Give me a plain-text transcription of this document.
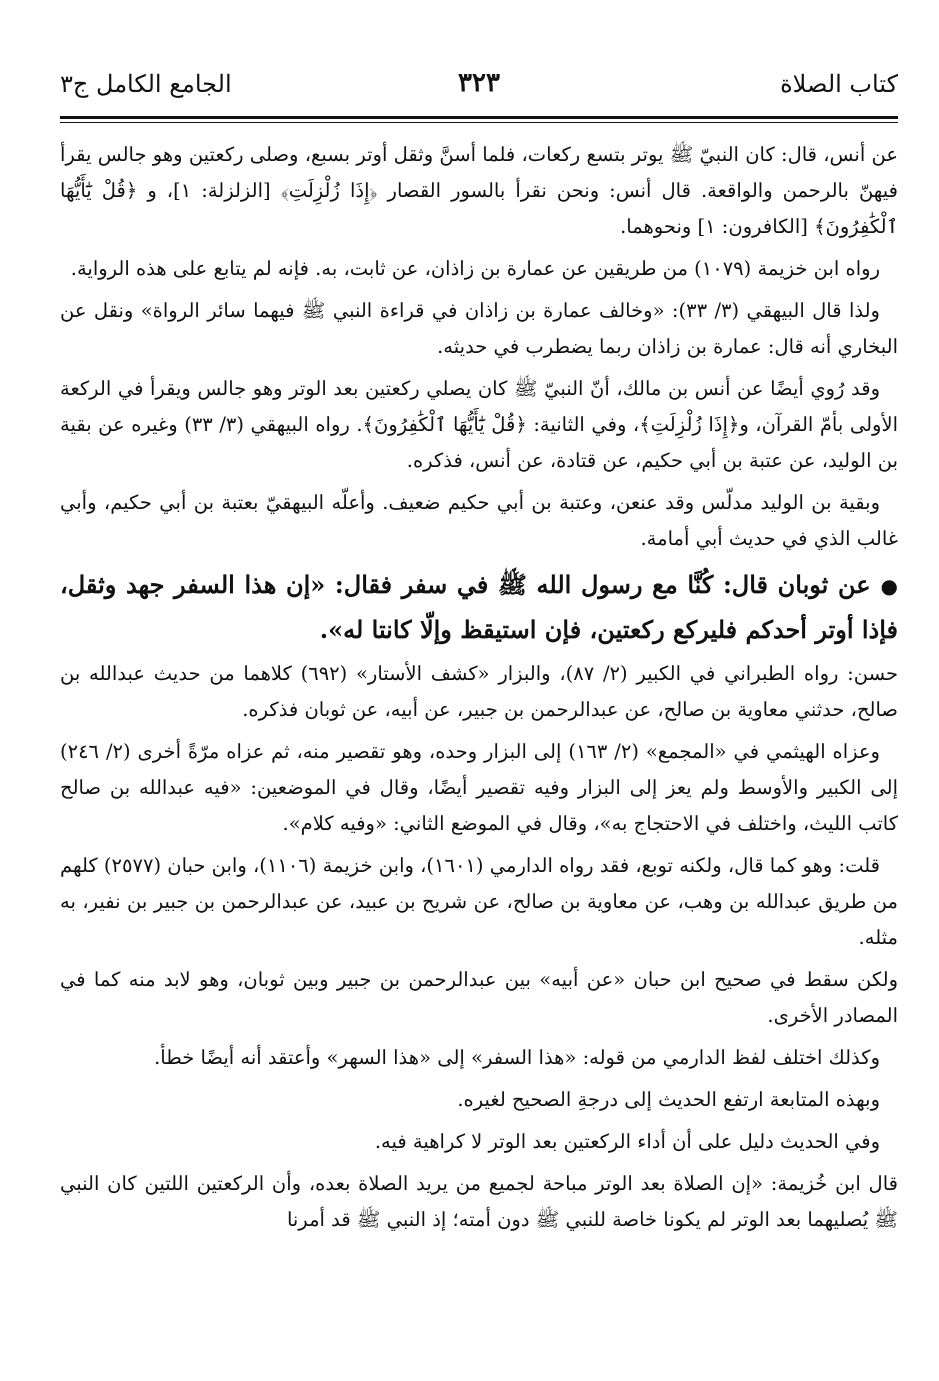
كتاب الصلاة
٣٢٣
الجامع الكامل ج٣

عن أنس، قال: كان النبيّ ﷺ يوتر بتسع ركعات، فلما أسنَّ وثقل أوتر بسبع، وصلى ركعتين وهو جالس يقرأ فيهنّ بالرحمن والواقعة. قال أنس: ونحن نقرأ بالسور القصار ﴿إِذَا زُلْزِلَتِ﴾ [الزلزلة: ١]، و ﴿قُلْ يَٰٓأَيُّهَا ٱلْكَٰفِرُونَ﴾ [الكافرون: ١] ونحوهما.

رواه ابن خزيمة (١٠٧٩) من طريقين عن عمارة بن زاذان، عن ثابت، به. فإنه لم يتابع على هذه الرواية.

ولذا قال البيهقي (٣/ ٣٣): «وخالف عمارة بن زاذان في قراءة النبي ﷺ فيهما سائر الرواة» ونقل عن البخاري أنه قال: عمارة بن زاذان ربما يضطرب في حديثه.

وقد رُوي أيضًا عن أنس بن مالك، أنّ النبيّ ﷺ كان يصلي ركعتين بعد الوتر وهو جالس ويقرأ في الركعة الأولى بأمّ القرآن، و﴿إِذَا زُلْزِلَتِ﴾، وفي الثانية: ﴿قُلْ يَٰٓأَيُّهَا ٱلْكَٰفِرُونَ﴾. رواه البيهقي (٣/ ٣٣) وغيره عن بقية بن الوليد، عن عتبة بن أبي حكيم، عن قتادة، عن أنس، فذكره.

وبقية بن الوليد مدلّس وقد عنعن، وعتبة بن أبي حكيم ضعيف. وأعلّه البيهقيّ بعتبة بن أبي حكيم، وأبي غالب الذي في حديث أبي أمامة.

●عن ثوبان قال: كُنَّا مع رسول الله ﷺ في سفر فقال: «إن هذا السفر جهد وثقل، فإذا أوتر أحدكم فليركع ركعتين، فإن استيقظ وإلّا كانتا له».

حسن: رواه الطبراني في الكبير (٢/ ٨٧)، والبزار «كشف الأستار» (٦٩٢) كلاهما من حديث عبدالله بن صالح، حدثني معاوية بن صالح، عن عبدالرحمن بن جبير، عن أبيه، عن ثوبان فذكره.

وعزاه الهيثمي في «المجمع» (٢/ ١٦٣) إلى البزار وحده، وهو تقصير منه، ثم عزاه مرّةً أخرى (٢/ ٢٤٦) إلى الكبير والأوسط ولم يعز إلى البزار وفيه تقصير أيضًا، وقال في الموضعين: «فيه عبدالله بن صالح كاتب الليث، واختلف في الاحتجاج به»، وقال في الموضع الثاني: «وفيه كلام».

قلت: وهو كما قال، ولكنه توبع، فقد رواه الدارمي (١٦٠١)، وابن خزيمة (١١٠٦)، وابن حبان (٢٥٧٧) كلهم من طريق عبدالله بن وهب، عن معاوية بن صالح، عن شريح بن عبيد، عن عبدالرحمن بن جبير بن نفير، به مثله.

ولكن سقط في صحيح ابن حبان «عن أبيه» بين عبدالرحمن بن جبير وبين ثوبان، وهو لابد منه كما في المصادر الأخرى.

وكذلك اختلف لفظ الدارمي من قوله: «هذا السفر» إلى «هذا السهر» وأعتقد أنه أيضًا خطأ.

وبهذه المتابعة ارتفع الحديث إلى درجةِ الصحيح لغيره.

وفي الحديث دليل على أن أداء الركعتين بعد الوتر لا كراهية فيه.

قال ابن خُزيمة: «إن الصلاة بعد الوتر مباحة لجميع من يريد الصلاة بعده، وأن الركعتين اللتين كان النبي ﷺ يُصليهما بعد الوتر لم يكونا خاصة للنبي ﷺ دون أمته؛ إذ النبي ﷺ قد أمرنا
